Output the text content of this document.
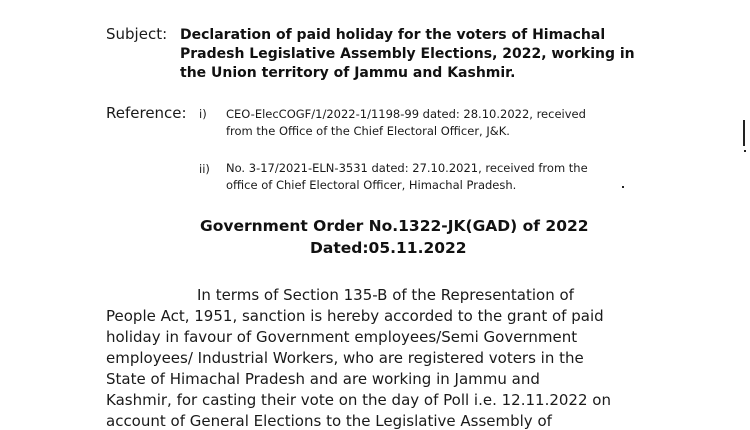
Subject: Declaration of paid holiday for the voters of Himachal
Pradesh Legislative Assembly Elections, 2022, working in
the Union territory of Jammu and Kashmir.
Reference: i) CEO-ElecCOGF/1/2022-1/1198-99 dated: 28.10.2022, received
from the Office of the Chief Electoral Officer, J&K.
ii) No. 3-17/2021-ELN-3531 dated: 27.10.2021, received from the
office of Chief Electoral Officer, Himachal Pradesh.
Government Order No.1322-JK(GAD) of 2022
Dated:05.11.2022
In terms of Section 135-B of the Representation of
People Act, 1951, sanction is hereby accorded to the grant of paid
holiday in favour of Government employees/Semi Government
employees/ Industrial Workers, who are registered voters in the
State of Himachal Pradesh and are working in Jammu and
Kashmir, for casting their vote on the day of Poll i.e. 12.11.2022 on
account of General Elections to the Legislative Assembly of
